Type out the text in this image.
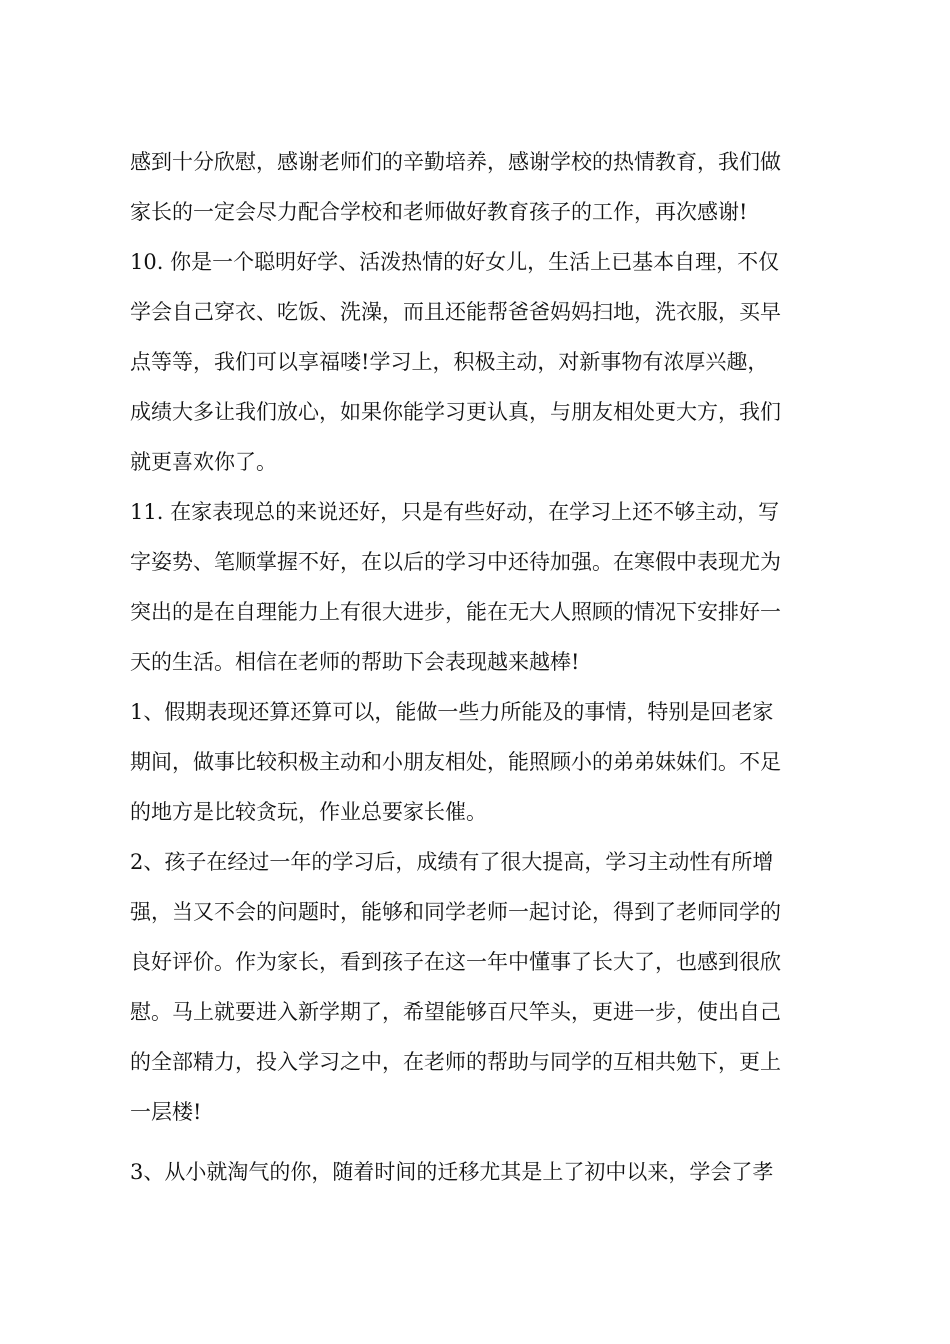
感到十分欣慰，感谢老师们的辛勤培养，感谢学校的热情教育，我们做
家长的一定会尽力配合学校和老师做好教育孩子的工作，再次感谢!
10. 你是一个聪明好学、活泼热情的好女儿，生活上已基本自理，不仅
学会自己穿衣、吃饭、洗澡，而且还能帮爸爸妈妈扫地，洗衣服，买早
点等等，我们可以享福喽!学习上，积极主动，对新事物有浓厚兴趣，
成绩大多让我们放心，如果你能学习更认真，与朋友相处更大方，我们
就更喜欢你了。
11. 在家表现总的来说还好，只是有些好动，在学习上还不够主动，写
字姿势、笔顺掌握不好，在以后的学习中还待加强。在寒假中表现尤为
突出的是在自理能力上有很大进步，能在无大人照顾的情况下安排好一
天的生活。相信在老师的帮助下会表现越来越棒!
1、假期表现还算还算可以，能做一些力所能及的事情，特别是回老家
期间，做事比较积极主动和小朋友相处，能照顾小的弟弟妹妹们。不足
的地方是比较贪玩，作业总要家长催。
2、孩子在经过一年的学习后，成绩有了很大提高，学习主动性有所增
强，当又不会的问题时，能够和同学老师一起讨论，得到了老师同学的
良好评价。作为家长，看到孩子在这一年中懂事了长大了，也感到很欣
慰。马上就要进入新学期了，希望能够百尺竿头，更进一步，使出自己
的全部精力，投入学习之中，在老师的帮助与同学的互相共勉下，更上
一层楼!
3、从小就淘气的你，随着时间的迁移尤其是上了初中以来，学会了孝
